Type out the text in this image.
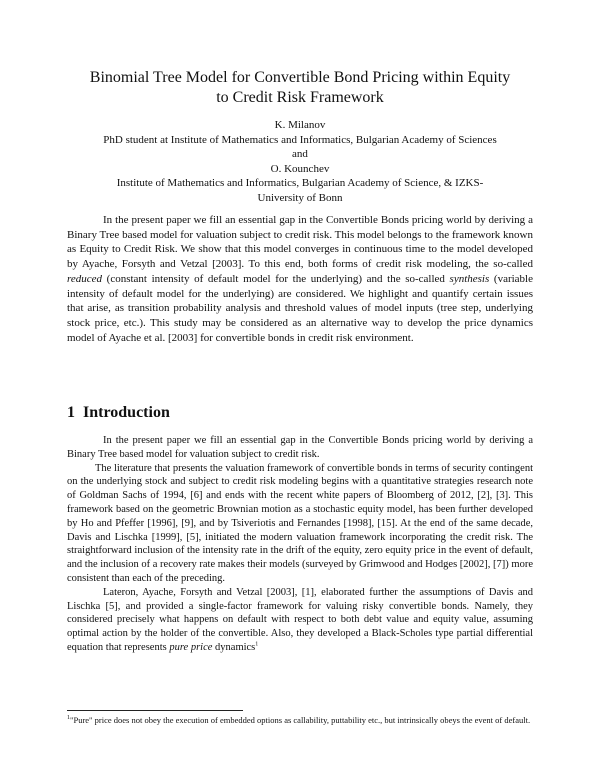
Binomial Tree Model for Convertible Bond Pricing within Equity
to Credit Risk Framework
K. Milanov
PhD student at Institute of Mathematics and Informatics, Bulgarian Academy of Sciences
and
O. Kounchev
Institute of Mathematics and Informatics, Bulgarian Academy of Science, & IZKS-
University of Bonn

In the present paper we fill an essential gap in the Convertible Bonds pricing world by deriving a Binary Tree based model for valuation subject to credit risk. This model belongs to the framework known as Equity to Credit Risk. We show that this model converges in continuous time to the model developed by Ayache, Forsyth and Vetzal [2003]. To this end, both forms of credit risk modeling, the so-called reduced (constant intensity of default model for the underlying) and the so-called synthesis (variable intensity of default model for the underlying) are considered. We highlight and quantify certain issues that arise, as transition probability analysis and threshold values of model inputs (tree step, underlying stock price, etc.). This study may be considered as an alternative way to develop the price dynamics model of Ayache et al. [2003] for convertible bonds in credit risk environment.

1 Introduction

In the present paper we fill an essential gap in the Convertible Bonds pricing world by deriving a Binary Tree based model for valuation subject to credit risk.

The literature that presents the valuation framework of convertible bonds in terms of security contingent on the underlying stock and subject to credit risk modeling begins with a quantitative strategies research note of Goldman Sachs of 1994, [6] and ends with the recent white papers of Bloomberg of 2012, [2], [3]. This framework based on the geometric Brownian motion as a stochastic equity model, has been further developed by Ho and Pfeffer [1996], [9], and by Tsiveriotis and Fernandes [1998], [15]. At the end of the same decade, Davis and Lischka [1999], [5], initiated the modern valuation framework incorporating the credit risk. The straightforward inclusion of the intensity rate in the drift of the equity, zero equity price in the event of default, and the inclusion of a recovery rate makes their models (surveyed by Grimwood and Hodges [2002], [7]) more consistent than each of the preceding.

Lateron, Ayache, Forsyth and Vetzal [2003], [1], elaborated further the assumptions of Davis and Lischka [5], and provided a single-factor framework for valuing risky convertible bonds. Namely, they considered precisely what happens on default with respect to both debt value and equity value, assuming optimal action by the holder of the convertible. Also, they developed a Black-Scholes type partial differential equation that represents pure price dynamics$^1$

$^1$"Pure" price does not obey the execution of embedded options as callability, puttability etc., but intrinsically obeys the event of default.
